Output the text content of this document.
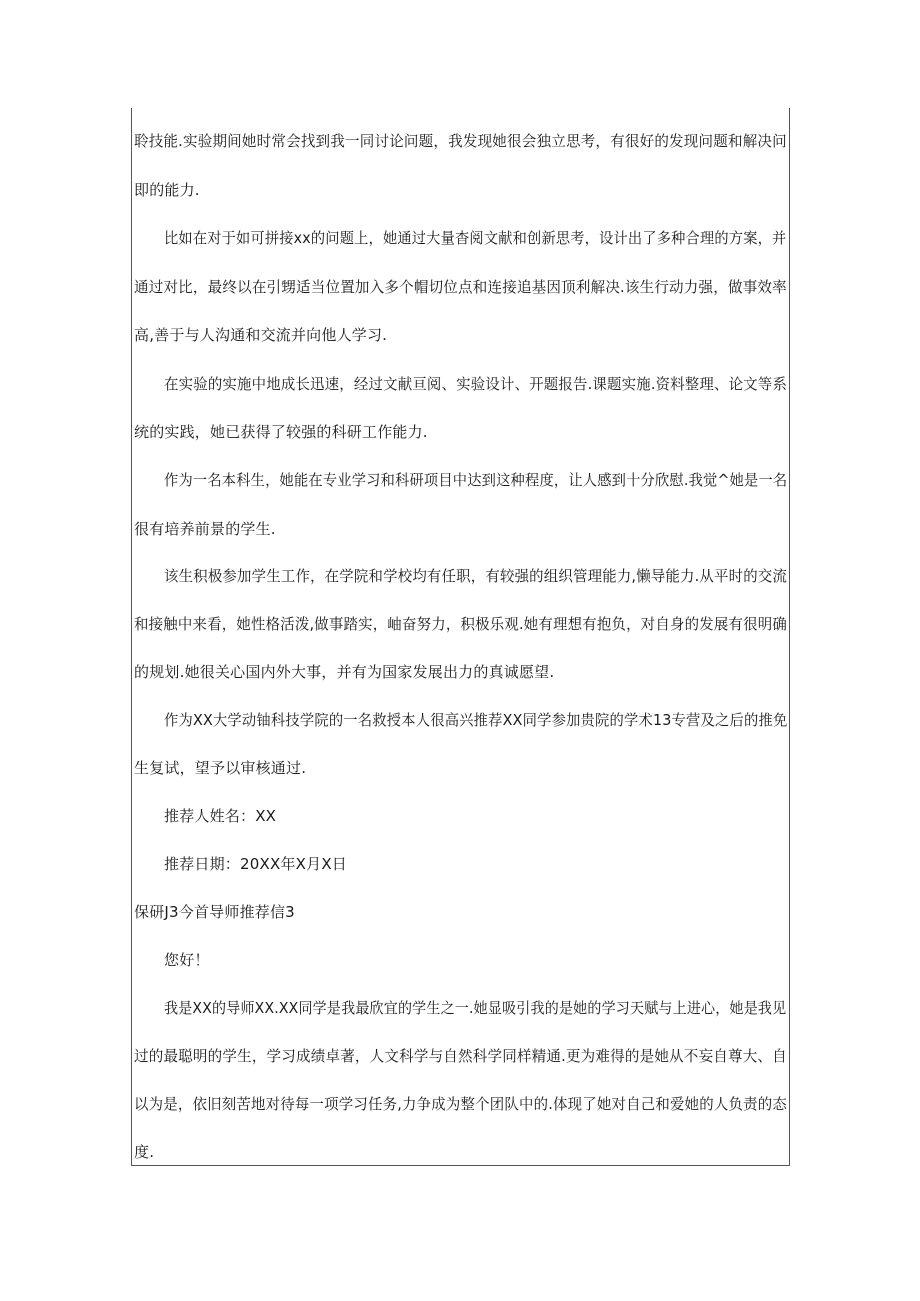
聆技能.实验期间她时常会找到我一同讨论问题，我发现她很会独立思考，有很好的发现问题和解决问
即的能力.
比如在对于如可拼接xx的问题上，她通过大量杳阅文献和创新思考，设计出了多种合理的方案，并
通过对比，最终以在引甥适当位置加入多个帽切位点和连接追基因顶利解决.该生行动力强，做事效率
高,善于与人沟通和交流并向他人学习.
在实验的实施中地成长迅速，经过文献亘阅、实验设计、开题报告.课题实施.资料整理、论文等系
统的实践，她已获得了较强的科研工作能力.
作为一名本科生，她能在专业学习和科研项目中达到这种程度，让人感到十分欣慰.我觉^她是一名
很有培养前景的学生.
该生积极参加学生工作，在学院和学校均有任职，有较强的组织管理能力,懒导能力.从平时的交流
和接触中来看，她性格活泼,做事踏实，岫奋努力，积极乐观.她有理想有抱负，对自身的发展有很明确
的规划.她很关心国内外大事，并有为国家发展出力的真诚愿望.
作为XX大学动铀科技学院的一名救授本人很高兴推荐XX同学参加贵院的学术13专营及之后的推免
生复试，望予以审核通过.
推荐人姓名：XX
推荐日期：20XX年X月X日
保研J3今首导师推荐信3
您好！
我是XX的导师XX.XX同学是我最欣宜的学生之一.她显吸引我的是她的学习天赋与上进心，她是我见
过的最聪明的学生，学习成绩卓著，人文科学与自然科学同样精通.更为难得的是她从不妄自尊大、自
以为是，依旧刻苦地对待每一项学习任务,力争成为整个团队中的.体现了她对自己和爱她的人负责的态
度.
